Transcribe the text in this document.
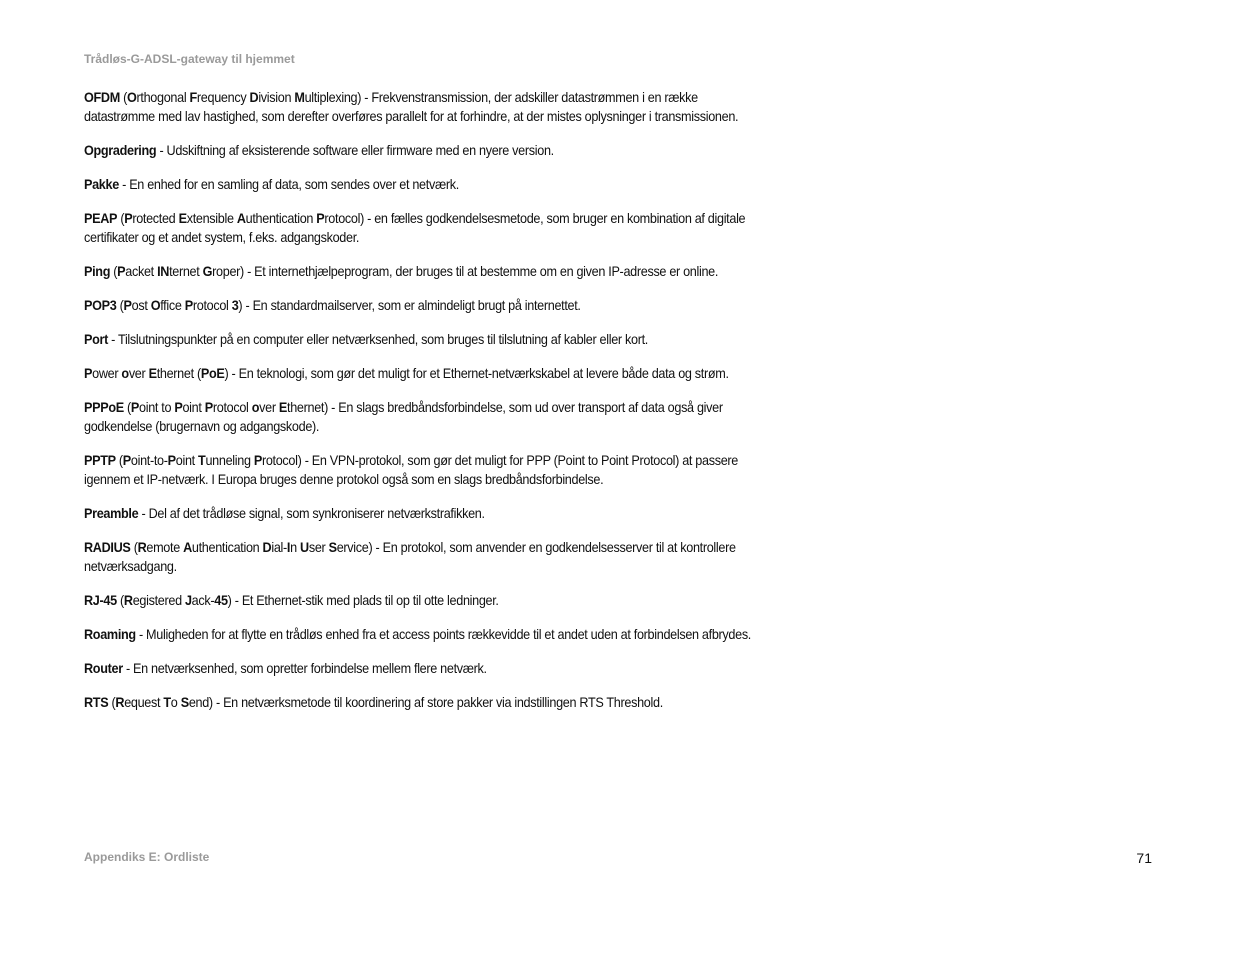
Trådløs-G-ADSL-gateway til hjemmet

OFDM (Orthogonal Frequency Division Multiplexing) - Frekvenstransmission, der adskiller datastrømmen i en række datastrømme med lav hastighed, som derefter overføres parallelt for at forhindre, at der mistes oplysninger i transmissionen.

Opgradering - Udskiftning af eksisterende software eller firmware med en nyere version.

Pakke - En enhed for en samling af data, som sendes over et netværk.

PEAP (Protected Extensible Authentication Protocol) - en fælles godkendelsesmetode, som bruger en kombination af digitale certifikater og et andet system, f.eks. adgangskoder.

Ping (Packet INternet Groper) - Et internethjælpeprogram, der bruges til at bestemme om en given IP-adresse er online.

POP3 (Post Office Protocol 3) - En standardmailserver, som er almindeligt brugt på internettet.

Port - Tilslutningspunkter på en computer eller netværksenhed, som bruges til tilslutning af kabler eller kort.

Power over Ethernet (PoE) - En teknologi, som gør det muligt for et Ethernet-netværkskabel at levere både data og strøm.

PPPoE (Point to Point Protocol over Ethernet) - En slags bredbåndsforbindelse, som ud over transport af data også giver godkendelse (brugernavn og adgangskode).

PPTP (Point-to-Point Tunneling Protocol) - En VPN-protokol, som gør det muligt for PPP (Point to Point Protocol) at passere igennem et IP-netværk. I Europa bruges denne protokol også som en slags bredbåndsforbindelse.

Preamble - Del af det trådløse signal, som synkroniserer netværkstrafikken.

RADIUS (Remote Authentication Dial-In User Service) - En protokol, som anvender en godkendelsesserver til at kontrollere netværksadgang.

RJ-45 (Registered Jack-45) - Et Ethernet-stik med plads til op til otte ledninger.

Roaming - Muligheden for at flytte en trådløs enhed fra et access points rækkevidde til et andet uden at forbindelsen afbrydes.

Router - En netværksenhed, som opretter forbindelse mellem flere netværk.

RTS (Request To Send) - En netværksmetode til koordinering af store pakker via indstillingen RTS Threshold.

Appendiks E: Ordliste	71
